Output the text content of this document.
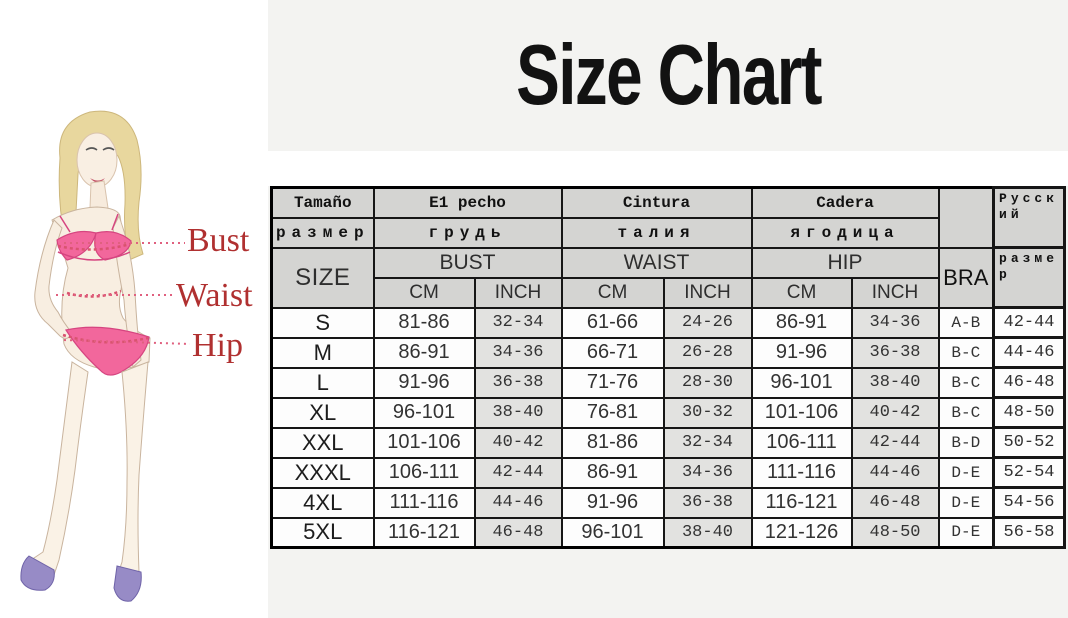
Size Chart
Bust
Waist
Hip
Tamaño	E1 pecho		Cintura		Cadera			Русский
размер	грудь		талия		ягодица			
SIZE	BUST		WAIST		HIP		BRA	размер
	CM	INCH	CM	INCH	CM	INCH		
S	81-86	32-34	61-66	24-26	86-91	34-36	A-B	42-44
M	86-91	34-36	66-71	26-28	91-96	36-38	B-C	44-46
L	91-96	36-38	71-76	28-30	96-101	38-40	B-C	46-48
XL	96-101	38-40	76-81	30-32	101-106	40-42	B-C	48-50
XXL	101-106	40-42	81-86	32-34	106-111	42-44	B-D	50-52
XXXL	106-111	42-44	86-91	34-36	111-116	44-46	D-E	52-54
4XL	111-116	44-46	91-96	36-38	116-121	46-48	D-E	54-56
5XL	116-121	46-48	96-101	38-40	121-126	48-50	D-E	56-58
